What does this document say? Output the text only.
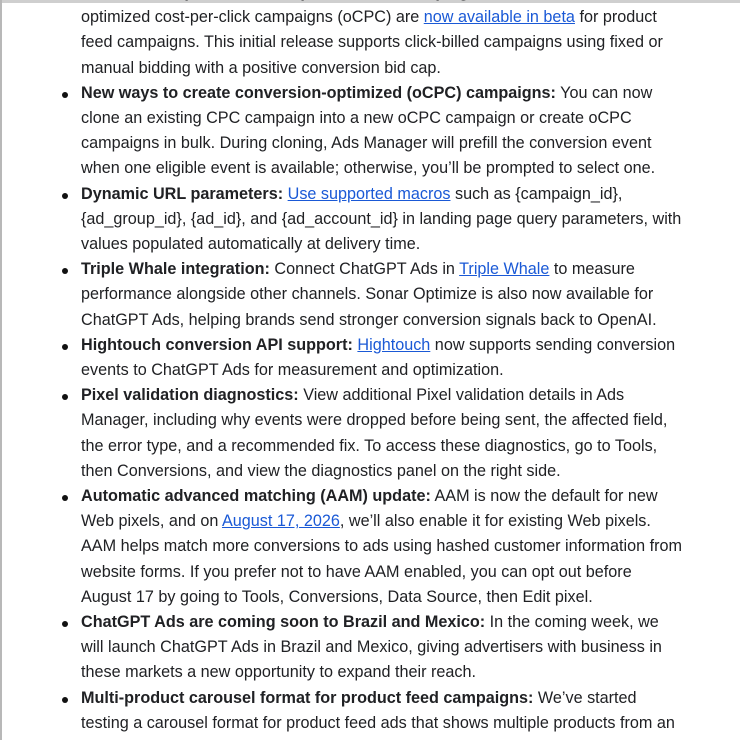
optimized cost-per-click campaigns (oCPC) are now available in beta for product feed campaigns. This initial release supports click-billed campaigns using fixed or manual bidding with a positive conversion bid cap.
New ways to create conversion-optimized (oCPC) campaigns: You can now clone an existing CPC campaign into a new oCPC campaign or create oCPC campaigns in bulk. During cloning, Ads Manager will prefill the conversion event when one eligible event is available; otherwise, you’ll be prompted to select one.
Dynamic URL parameters: Use supported macros such as {campaign_id}, {ad_group_id}, {ad_id}, and {ad_account_id} in landing page query parameters, with values populated automatically at delivery time.
Triple Whale integration: Connect ChatGPT Ads in Triple Whale to measure performance alongside other channels. Sonar Optimize is also now available for ChatGPT Ads, helping brands send stronger conversion signals back to OpenAI.
Hightouch conversion API support: Hightouch now supports sending conversion events to ChatGPT Ads for measurement and optimization.
Pixel validation diagnostics: View additional Pixel validation details in Ads Manager, including why events were dropped before being sent, the affected field, the error type, and a recommended fix. To access these diagnostics, go to Tools, then Conversions, and view the diagnostics panel on the right side.
Automatic advanced matching (AAM) update: AAM is now the default for new Web pixels, and on August 17, 2026, we’ll also enable it for existing Web pixels. AAM helps match more conversions to ads using hashed customer information from website forms. If you prefer not to have AAM enabled, you can opt out before August 17 by going to Tools, Conversions, Data Source, then Edit pixel.
ChatGPT Ads are coming soon to Brazil and Mexico: In the coming week, we will launch ChatGPT Ads in Brazil and Mexico, giving advertisers with business in these markets a new opportunity to expand their reach.
Multi-product carousel format for product feed campaigns: We’ve started testing a carousel format for product feed ads that shows multiple products from an
